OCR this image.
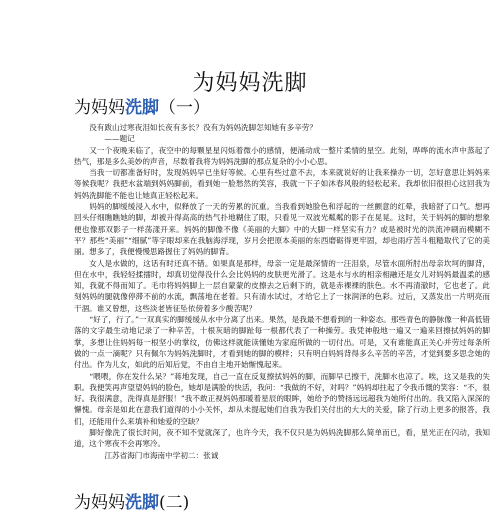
为妈妈洗脚
为妈妈洗脚（一）

没有跋山过寒夜泪如长夜有多长？没有为妈妈洗脚怎知她有多辛劳？

——题记

又一个夜晚来临了，夜空中的每颗星星闪烁着微小的感情，便涌动成一整片柔情的星空。此刻，哗哗的流水声中蒸起了热气，那是多么美妙的声音，尽数着我将为妈妈洗脚的那点复杂的小小心思。

当我一切都准备好时，发现妈妈早已坐好等候。心里有些过意不去，本来就说好的让我来操办一切，怎好意思让妈妈来等候我呢？我把水盆端到妈妈脚前，看到她一脸愁然的笑容，我就一下子如沐春风般的轻松起来。我却依旧很担心这回我为妈妈洗脚能不能也让她真正轻松起来。

妈妈的脚缓缓浸入水中，似释放了一天的劳累的沉重。当我看到她脸色和浮起的一丝颤意的红晕，我暗舒了口气。想再回头仔细瞧瞧她的脚，却被升得高高的热气扑地糊住了眼，只看见一双波光粼粼的影子在晃晃。这时，关于妈妈的脚的想象便也像那双影子一样荡漾开来。妈妈的脚像不像《美丽的大脚》中的大脚一样坚实有力？或是被时光的洪流冲刷而模糊不平？那些“美丽”“细腻”等字眼却来在我脑海浮现，岁月会把原本美丽的东西磨砺得更牢固，却也雨疗苦斗粗糙取代了它的美丽。想多了，我便慢慢思路握住了妈妈的脚背。

女人是水做的，这话有时还真不错。如果真是那样，母亲一定是最深情的一汪泪泉，尽管水面所肘出母亲坎坷的脚背，但在水中，我轻轻揉擂时，却真切觉得没什么会比妈妈的皮肤更光滑了。这是水与水的相亲相融还是女儿对妈妈最温柔的感知，我就不得而知了。毛巾将妈妈脚上一层自蒙蒙的皮擦去之后剩下的，就是赤裸裸的肤色。水不再清澈时，它也老了。此刻妈妈的腿就像停滞不前的水流，飘荡地在老着。只有清水试过，才给它上了一抹润泽的色彩。过后，又蒸发出一片明亮而干涸。谁又曾想，这些淡老皆征坠依傍着多少酸苦呢？

“好了，行了。”一双真实的脚缓缓从水中分离了出来。果然，是我最不想看到的一种姿态。那些青色的静脉像一种高低错落的文字最生动地记录了一种辛苦，十根灰暗的脚趾每一根都代表了一种操劳。我凭神般地一遍又一遍来回擦拭妈妈的脚掌，多想让住妈妈每一根坚小的掌纹，仿佛这样就能读懂她为家庭所做的一切付出。可是，又有谁能真正关心并劳过每条所做的一点一滴呢？只有佩尔为妈妈洗脚时，才看到她的脚的模样；只有明白妈妈背得多么辛苦的辛苦，才觉到要多思念她的付出。作为儿女，如此的后知后觉，不由自主地开始惭愧起来。

“喂喂，你在发什么呆？”蒋地发现，自己一直在反复擦拭妈妈的脚，而脚早已擦干，洗脚水也凉了。唉，这又是我的失职。我便笑再声望望妈妈的脸色，她却是满脸的快活，我问：“我做的不好，对吗？”妈妈却拄起了令我币慨的笑容：“不，很好。我很满意，洗得真是舒服！”我不敢正视妈妈那暖着星辰的眼眸，她给予的赞扬远远超我为她所付出的。我又陷入深深的懈愧。母亲是如此在意我们道得的小小关怀，却从未提起她们自我为我们关付出的大大的关爱，除了行动上更多的报答，我们，还能用什么来填补和她爱的空缺？

脚好像洗了很长时间，夜不知不觉就深了，也许今天，我不仅只是为妈妈洗脚那么简单而已，看，星光正在闪动，我知道，这个寒夜不会再寒冷。

江苏省海门市海南中学初二：张诚

为妈妈洗脚(二)
